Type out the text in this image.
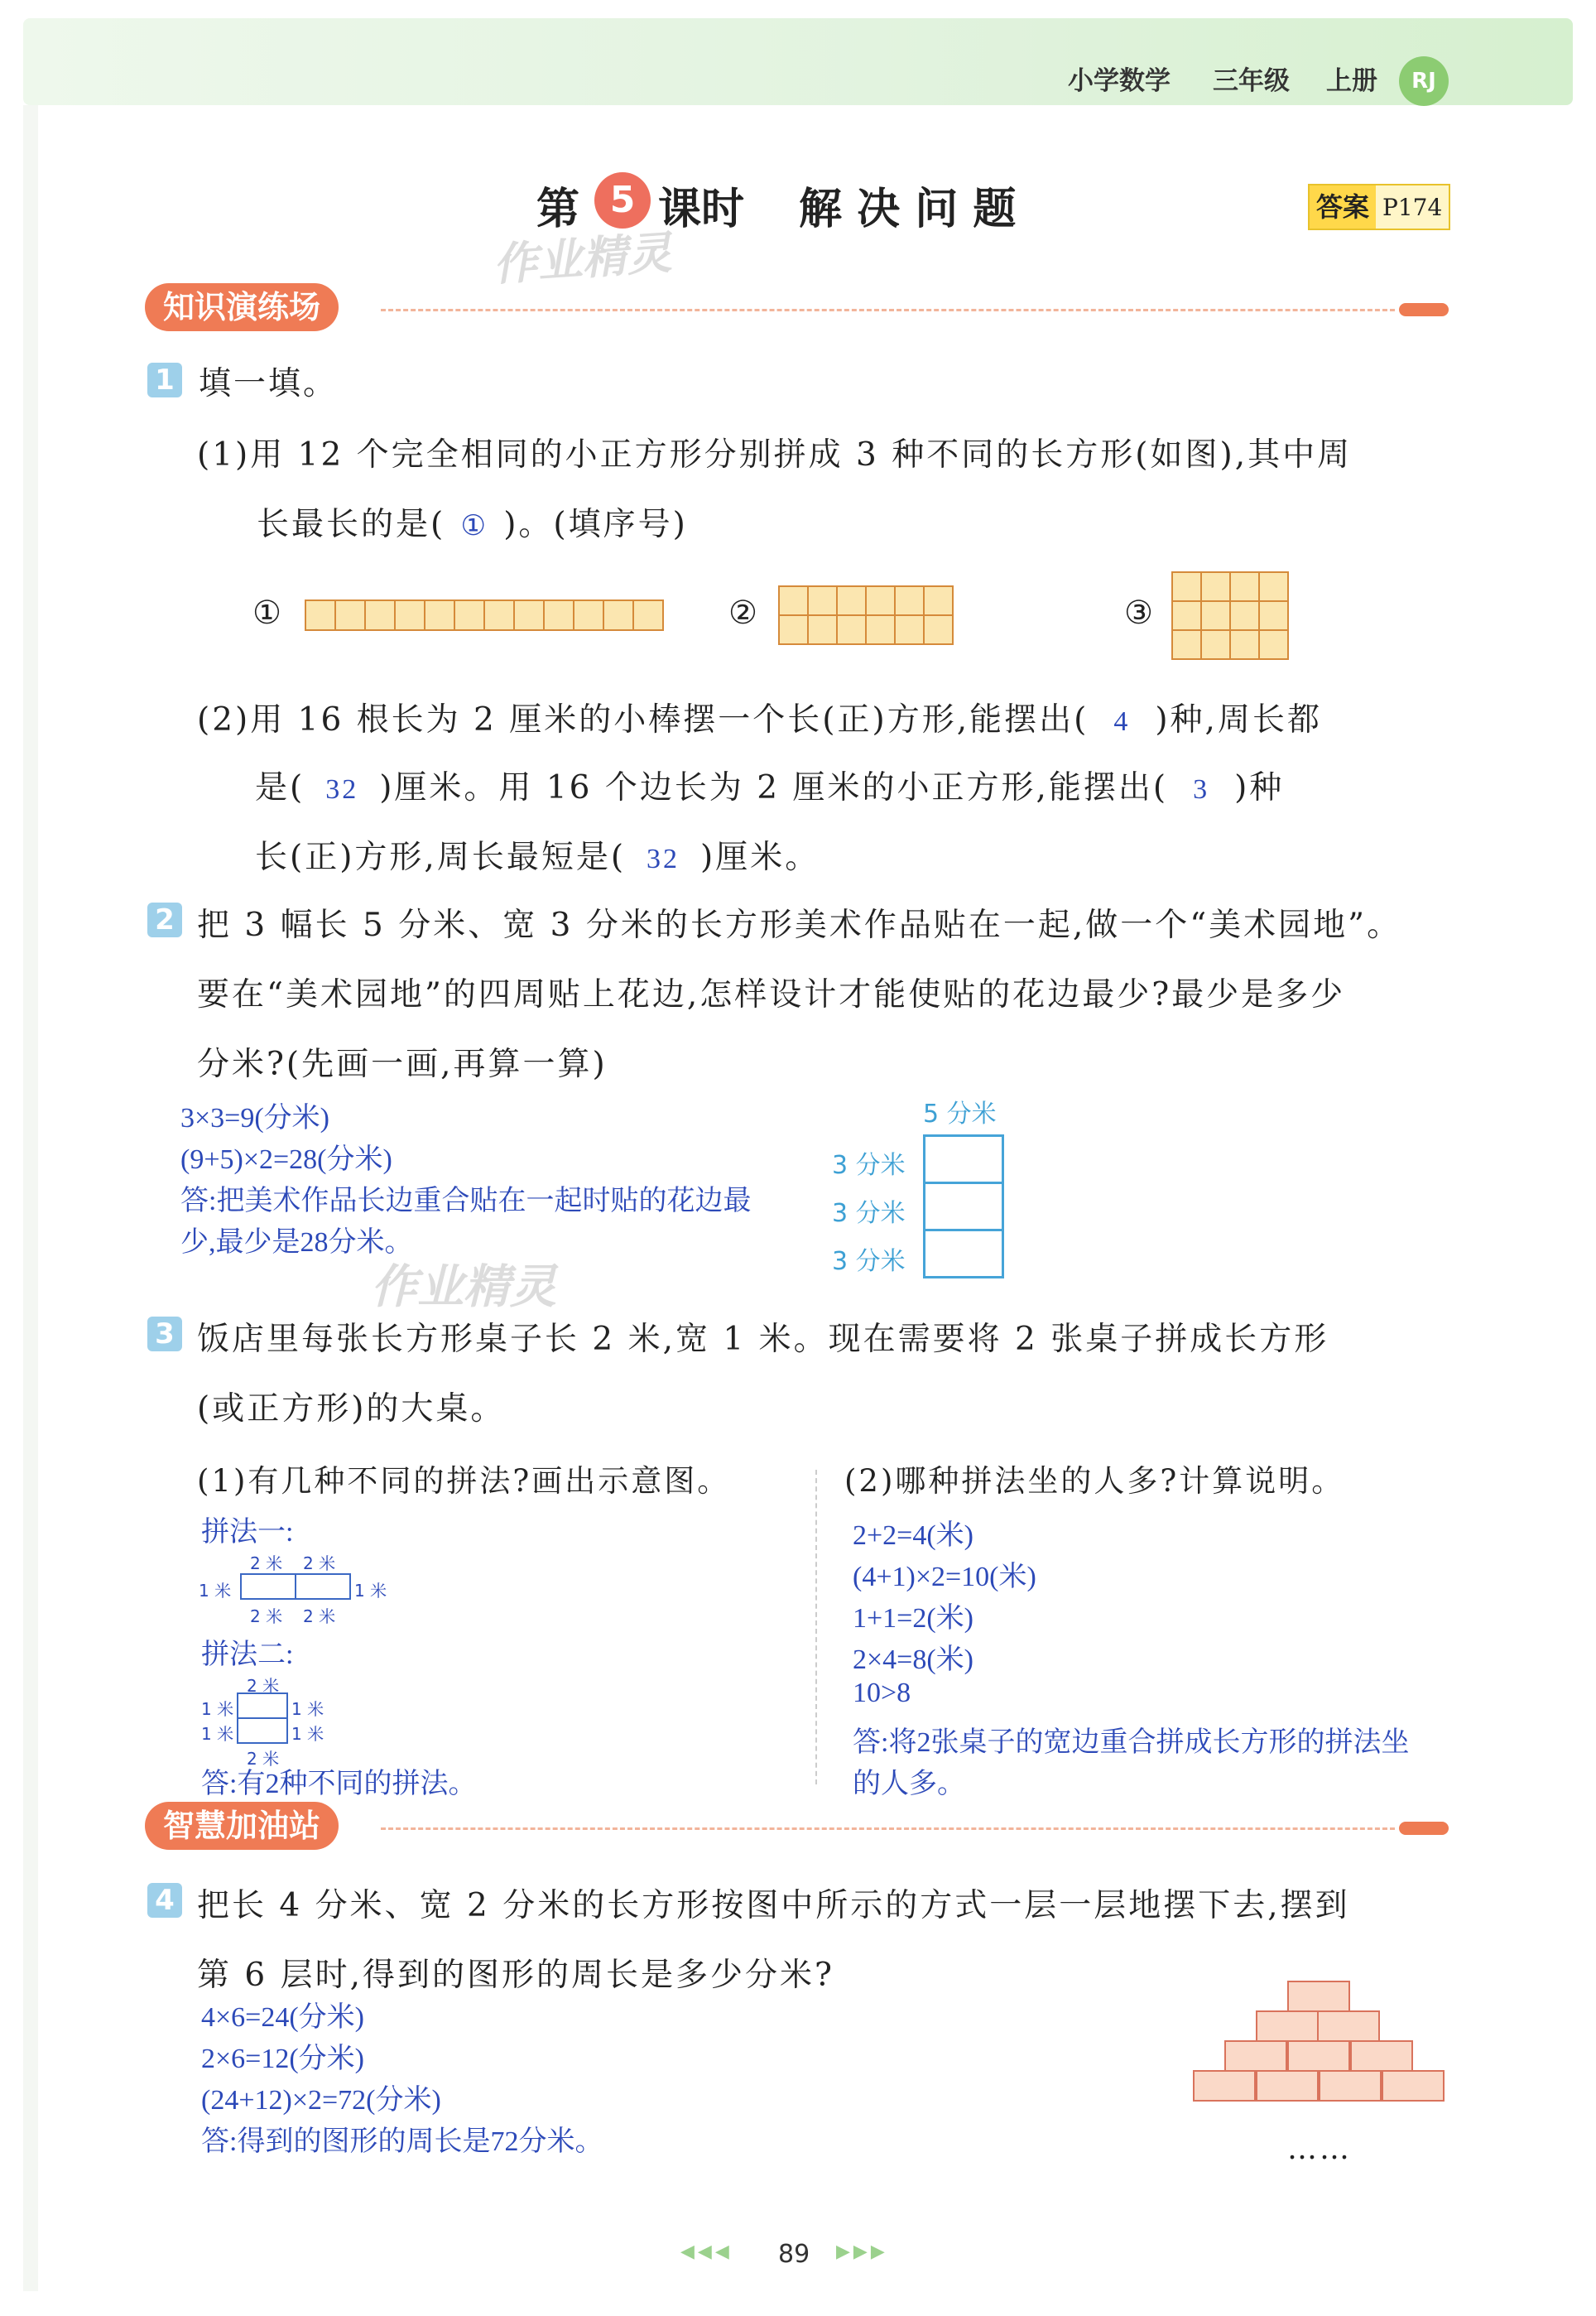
小学数学 三年级 上册	RJ
第 5 课时 解 决 问 题	答案 P174
作业精灵
知识演练场
1 填一填。
(1)用 12 个完全相同的小正方形分别拼成 3 种不同的长方形(如图),其中周
长最长的是( ① )。(填序号)
①	②	③
(2)用 16 根长为 2 厘米的小棒摆一个长(正)方形,能摆出( 4 )种,周长都
是( 32 )厘米。用 16 个边长为 2 厘米的小正方形,能摆出( 3 )种
长(正)方形,周长最短是( 32 )厘米。
2 把 3 幅长 5 分米、宽 3 分米的长方形美术作品贴在一起,做一个“美术园地”。
要在“美术园地”的四周贴上花边,怎样设计才能使贴的花边最少?最少是多少
分米?(先画一画,再算一算)
3×3=9(分米)
(9+5)×2=28(分米)
答:把美术作品长边重合贴在一起时贴的花边最
少,最少是28分米。
作业精灵
5 分米
3 分米
3 分米
3 分米
3 饭店里每张长方形桌子长 2 米,宽 1 米。现在需要将 2 张桌子拼成长方形
(或正方形)的大桌。
(1)有几种不同的拼法?画出示意图。	(2)哪种拼法坐的人多?计算说明。
拼法一:
2 米 2 米
1 米	1 米
2 米 2 米
拼法二:
2 米
1 米
1 米
1 米
1 米
2 米
答:有2种不同的拼法。
2+2=4(米)
(4+1)×2=10(米)
1+1=2(米)
2×4=8(米)
10>8
答:将2张桌子的宽边重合拼成长方形的拼法坐
的人多。
智慧加油站
4 把长 4 分米、宽 2 分米的长方形按图中所示的方式一层一层地摆下去,摆到
第 6 层时,得到的图形的周长是多少分米?
4×6=24(分米)
2×6=12(分米)
(24+12)×2=72(分米)
答:得到的图形的周长是72分米。	……
◀◀◀ 89 ▶▶▶
